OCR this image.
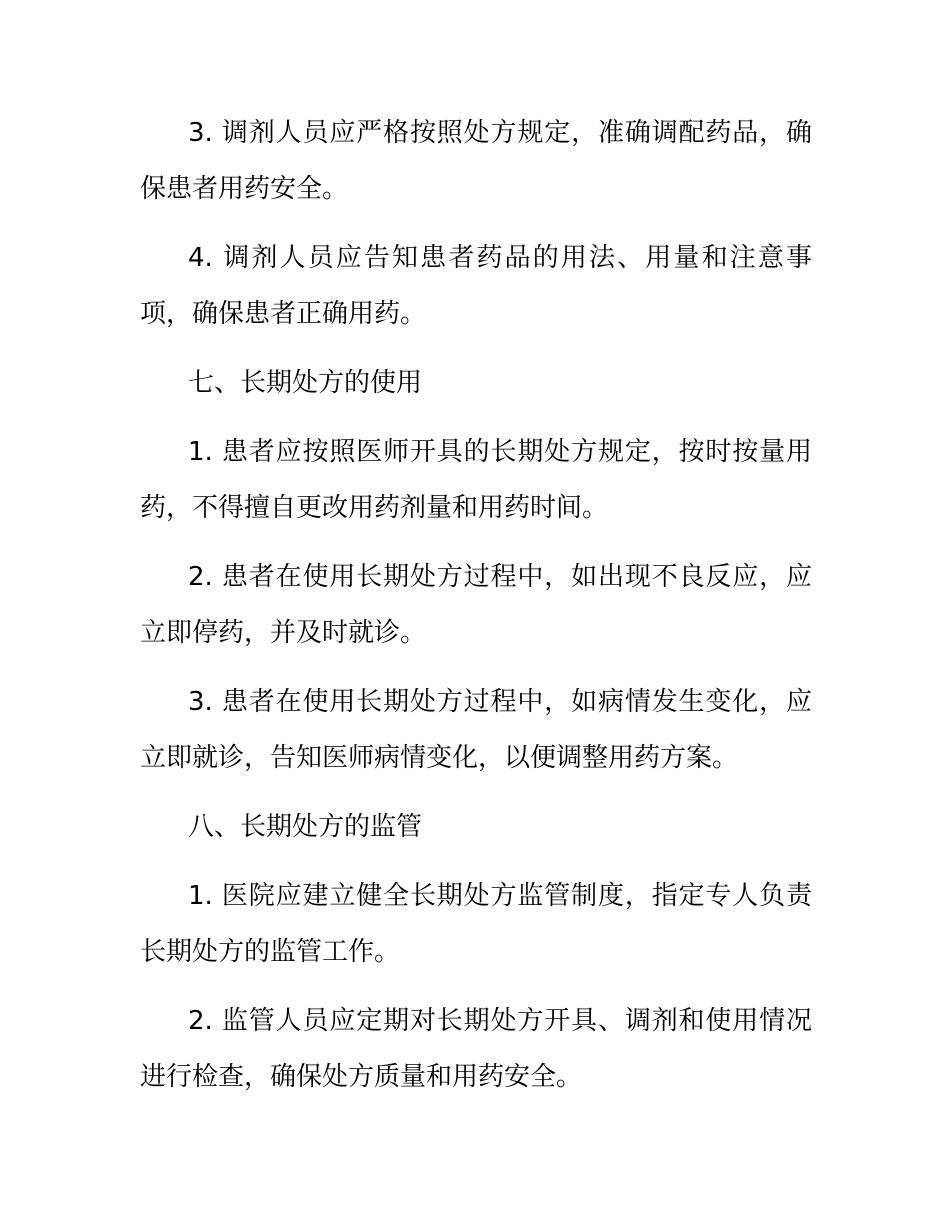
3. 调剂人员应严格按照处方规定，准确调配药品，确保患者用药安全。

4. 调剂人员应告知患者药品的用法、用量和注意事项，确保患者正确用药。

七、长期处方的使用

1. 患者应按照医师开具的长期处方规定，按时按量用药，不得擅自更改用药剂量和用药时间。

2. 患者在使用长期处方过程中，如出现不良反应，应立即停药，并及时就诊。

3. 患者在使用长期处方过程中，如病情发生变化，应立即就诊，告知医师病情变化，以便调整用药方案。

八、长期处方的监管

1. 医院应建立健全长期处方监管制度，指定专人负责长期处方的监管工作。

2. 监管人员应定期对长期处方开具、调剂和使用情况进行检查，确保处方质量和用药安全。
